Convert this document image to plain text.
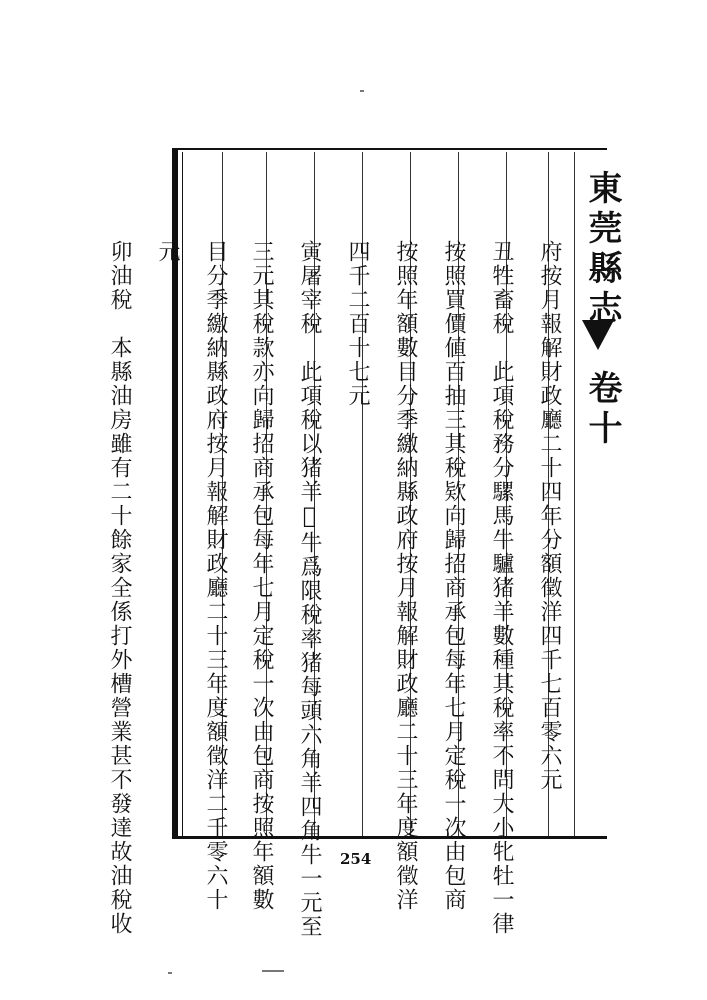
東莞縣志
卷十
府按月報解財政廳二十四年分額徵洋四千七百零六元
丑牲畜稅　此項稅務分騾馬牛驢猪羊數種其稅率不問大小牝牡一律
按照買價値百抽三其稅欵向歸招商承包每年七月定稅一次由包商
按照年額數目分季繳納縣政府按月報解財政廳二十三年度額徵洋
四千二百十七元
寅屠宰稅　此項稅以猪羊𣓨牛爲限稅率猪每頭六角羊四角牛一元至
三元其稅款亦向歸招商承包每年七月定稅一次由包商按照年額數
目分季繳納縣政府按月報解財政廳二十三年度額徵洋二千零六十
元
卯油稅　本縣油房雖有二十餘家全係打外槽營業甚不發達故油稅收	254
